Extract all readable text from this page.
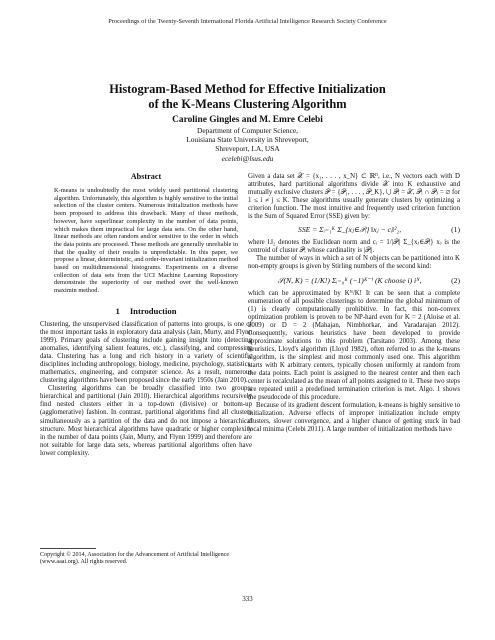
Proceedings of the Twenty-Seventh International Florida Artificial Intelligence Research Society Conference
Histogram-Based Method for Effective Initialization
of the K-Means Clustering Algorithm
Caroline Gingles and M. Emre Celebi
Department of Computer Science,
Louisiana State University in Shreveport,
Shreveport, LA, USA
ecelebi@lsus.edu
Abstract

K-means is undoubtedly the most widely used partitional clustering algorithm. Unfortunately, this algorithm is highly sensitive to the initial selection of the cluster centers. Numerous initialization methods have been proposed to address this drawback. Many of these methods, however, have superlinear complexity in the number of data points, which makes them impractical for large data sets. On the other hand, linear methods are often random and/or sensitive to the order in which the data points are processed. These methods are generally unreliable in that the quality of their results is unpredictable. In this paper, we propose a linear, deterministic, and order-invariant initialization method based on multidimensional histograms. Experiments on a diverse collection of data sets from the UCI Machine Learning Repository demonstrate the superiority of our method over the well-known maximin method.

1 Introduction

Clustering, the unsupervised classification of patterns into groups, is one of the most important tasks in exploratory data analysis (Jain, Murty, and Flynn 1999). Primary goals of clustering include gaining insight into (detecting anomalies, identifying salient features, etc.), classifying, and compressing data. Clustering has a long and rich history in a variety of scientific disciplines including anthropology, biology, medicine, psychology, statistics, mathematics, engineering, and computer science. As a result, numerous clustering algorithms have been proposed since the early 1950s (Jain 2010).

Clustering algorithms can be broadly classified into two groups: hierarchical and partitional (Jain 2010). Hierarchical algorithms recursively find nested clusters either in a top-down (divisive) or bottom-up (agglomerative) fashion. In contrast, partitional algorithms find all clusters simultaneously as a partition of the data and do not impose a hierarchical structure. Most hierarchical algorithms have quadratic or higher complexity in the number of data points (Jain, Murty, and Flynn 1999) and therefore are not suitable for large data sets, whereas partitional algorithms often have lower complexity.

Given a data set 𝒳 = {x₁, . . . , x_N} ⊂ ℝᴰ, i.e., N vectors each with D attributes, hard partitional algorithms divide 𝒳 into K exhaustive and mutually exclusive clusters 𝒫 = {𝒫₁, . . . , 𝒫_K}, ⋃ 𝒫ᵢ = 𝒳, 𝒫ᵢ ∩ 𝒫ⱼ = ∅ for 1 ≤ i ≠ j ≤ K. These algorithms usually generate clusters by optimizing a criterion function. The most intuitive and frequently used criterion function is the Sum of Squared Error (SSE) given by:

SSE = Σᵢ₌₁ᴷ Σ_{xⱼ∈𝒫ᵢ} ‖xⱼ − cᵢ‖²₂,	(1)

where ‖.‖₂ denotes the Euclidean norm and cᵢ = 1/|𝒫ᵢ| Σ_{xⱼ∈𝒫ᵢ} xⱼ is the centroid of cluster 𝒫ᵢ whose cardinality is |𝒫ᵢ|.

The number of ways in which a set of N objects can be partitioned into K non-empty groups is given by Stirling numbers of the second kind:

𝒮(N, K) = (1/K!) Σᵢ₌₀ᴷ (−1)ᴷ⁻ⁱ (K choose i) iᴺ,	(2)

which can be approximated by Kᴺ/K! It can be seen that a complete enumeration of all possible clusterings to determine the global minimum of (1) is clearly computationally prohibitive. In fact, this non-convex optimization problem is proven to be NP-hard even for K = 2 (Aloise et al. 2009) or D = 2 (Mahajan, Nimbhorkar, and Varadarajan 2012). Consequently, various heuristics have been developed to provide approximate solutions to this problem (Tarsitano 2003). Among these heuristics, Lloyd's algorithm (Lloyd 1982), often referred to as the k-means algorithm, is the simplest and most commonly used one. This algorithm starts with K arbitrary centers, typically chosen uniformly at random from the data points. Each point is assigned to the nearest center and then each center is recalculated as the mean of all points assigned to it. These two steps are repeated until a predefined termination criterion is met. Algo. 1 shows the pseudocode of this procedure.

Because of its gradient descent formulation, k-means is highly sensitive to initialization. Adverse effects of improper initialization include empty clusters, slower convergence, and a higher chance of getting stuck in bad local minima (Celebi 2011). A large number of initialization methods have

Copyright © 2014, Association for the Advancement of Artificial Intelligence (www.aaai.org). All rights reserved.
333
